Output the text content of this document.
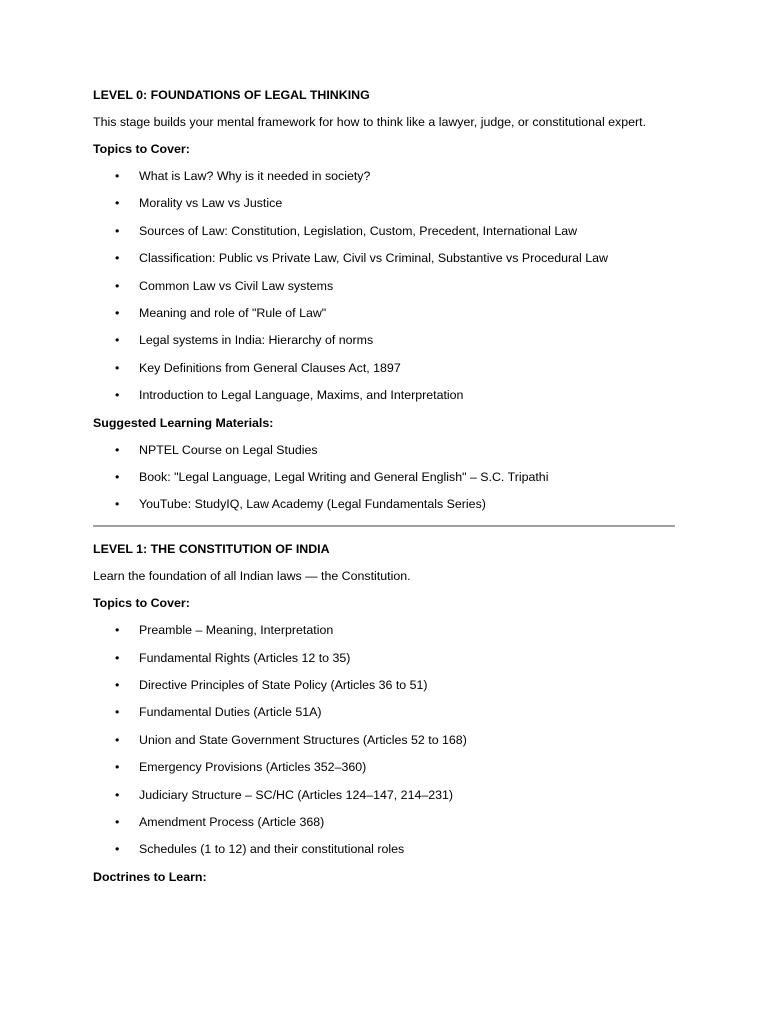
LEVEL 0: FOUNDATIONS OF LEGAL THINKING

This stage builds your mental framework for how to think like a lawyer, judge, or constitutional expert.

Topics to Cover:
• What is Law? Why is it needed in society?
• Morality vs Law vs Justice
• Sources of Law: Constitution, Legislation, Custom, Precedent, International Law
• Classification: Public vs Private Law, Civil vs Criminal, Substantive vs Procedural Law
• Common Law vs Civil Law systems
• Meaning and role of "Rule of Law"
• Legal systems in India: Hierarchy of norms
• Key Definitions from General Clauses Act, 1897
• Introduction to Legal Language, Maxims, and Interpretation
Suggested Learning Materials:
• NPTEL Course on Legal Studies
• Book: "Legal Language, Legal Writing and General English" – S.C. Tripathi
• YouTube: StudyIQ, Law Academy (Legal Fundamentals Series)
LEVEL 1: THE CONSTITUTION OF INDIA

Learn the foundation of all Indian laws — the Constitution.

Topics to Cover:
• Preamble – Meaning, Interpretation
• Fundamental Rights (Articles 12 to 35)
• Directive Principles of State Policy (Articles 36 to 51)
• Fundamental Duties (Article 51A)
• Union and State Government Structures (Articles 52 to 168)
• Emergency Provisions (Articles 352–360)
• Judiciary Structure – SC/HC (Articles 124–147, 214–231)
• Amendment Process (Article 368)
• Schedules (1 to 12) and their constitutional roles
Doctrines to Learn:
